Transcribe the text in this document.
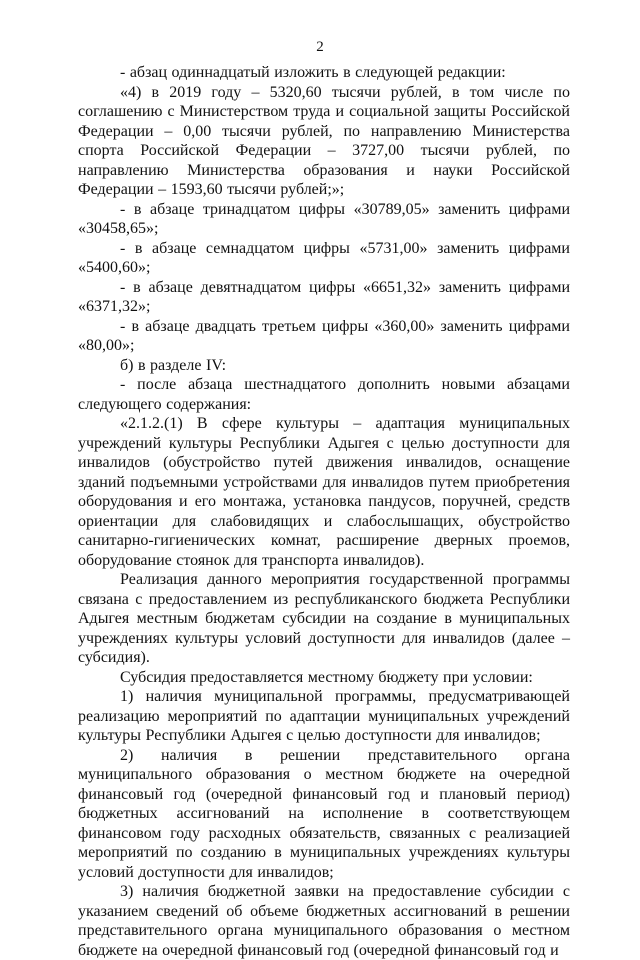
2

- абзац одиннадцатый изложить в следующей редакции:

«4) в 2019 году – 5320,60 тысячи рублей, в том числе по соглашению с Министерством труда и социальной защиты Российской Федерации – 0,00 тысячи рублей, по направлению Министерства спорта Российской Федерации – 3727,00 тысячи рублей, по направлению Министерства образования и науки Российской Федерации – 1593,60 тысячи рублей;»;

- в абзаце тринадцатом цифры «30789,05» заменить цифрами «30458,65»;

- в абзаце семнадцатом цифры «5731,00» заменить цифрами «5400,60»;

- в абзаце девятнадцатом цифры «6651,32» заменить цифрами «6371,32»;

- в абзаце двадцать третьем цифры «360,00» заменить цифрами «80,00»;

б) в разделе IV:

- после абзаца шестнадцатого дополнить новыми абзацами следующего содержания:

«2.1.2.(1) В сфере культуры – адаптация муниципальных учреждений культуры Республики Адыгея с целью доступности для инвалидов (обустройство путей движения инвалидов, оснащение зданий подъемными устройствами для инвалидов путем приобретения оборудования и его монтажа, установка пандусов, поручней, средств ориентации для слабовидящих и слабослышащих, обустройство санитарно-гигиенических комнат, расширение дверных проемов, оборудование стоянок для транспорта инвалидов).

Реализация данного мероприятия государственной программы связана с предоставлением из республиканского бюджета Республики Адыгея местным бюджетам субсидии на создание в муниципальных учреждениях культуры условий доступности для инвалидов (далее – субсидия).

Субсидия предоставляется местному бюджету при условии:

1) наличия муниципальной программы, предусматривающей реализацию мероприятий по адаптации муниципальных учреждений культуры Республики Адыгея с целью доступности для инвалидов;

2) наличия в решении представительного органа муниципального образования о местном бюджете на очередной финансовый год (очередной финансовый год и плановый период) бюджетных ассигнований на исполнение в соответствующем финансовом году расходных обязательств, связанных с реализацией мероприятий по созданию в муниципальных учреждениях культуры условий доступности для инвалидов;

3) наличия бюджетной заявки на предоставление субсидии с указанием сведений об объеме бюджетных ассигнований в решении представительного органа муниципального образования о местном бюджете на очередной финансовый год (очередной финансовый год и
